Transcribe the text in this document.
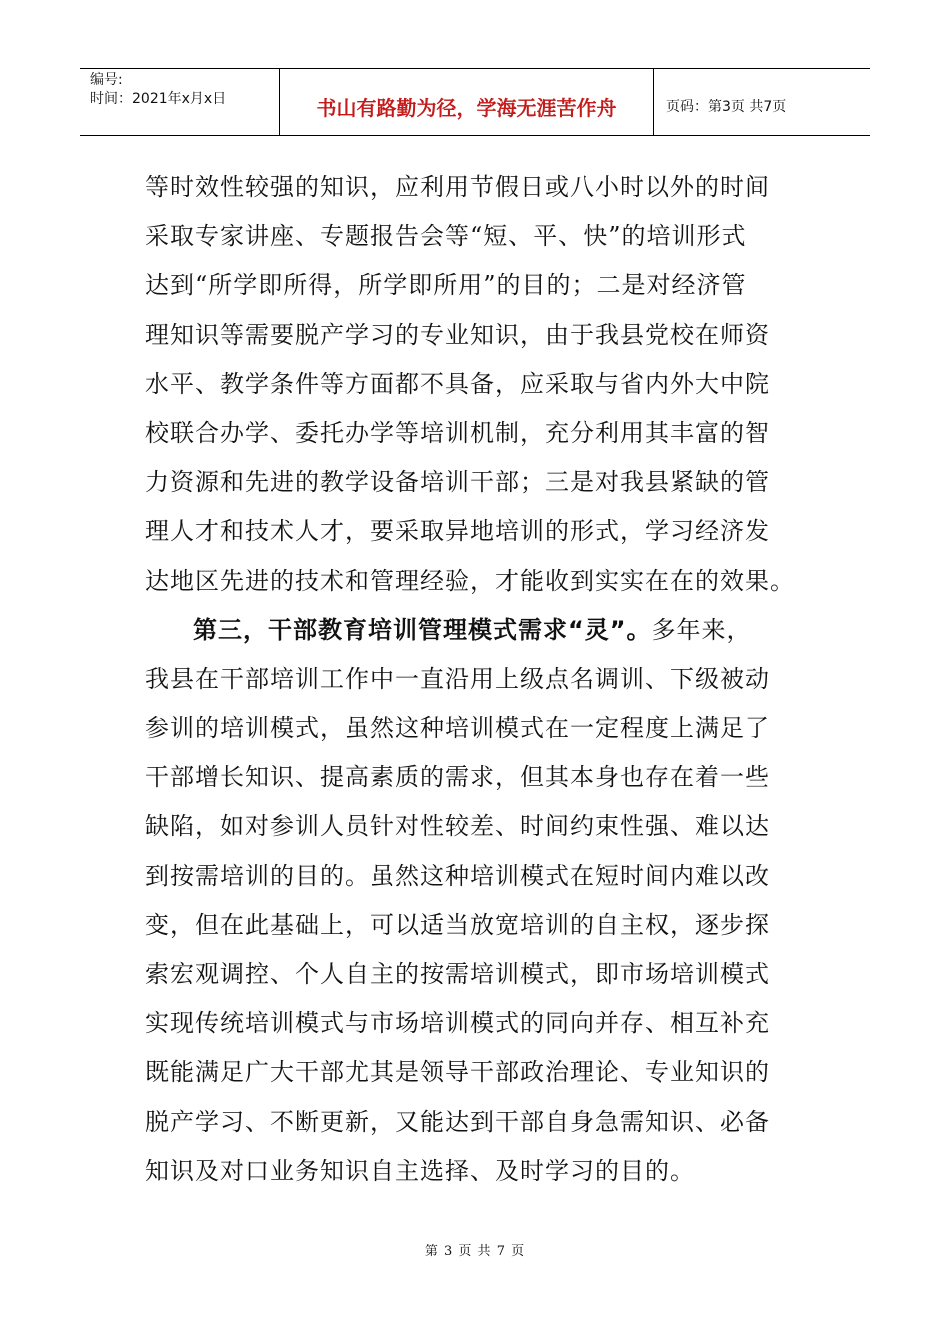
编号:
时间：2021年x月x日	书山有路勤为径，学海无涯苦作舟	页码：第3页 共7页
等时效性较强的知识，应利用节假日或八小时以外的时间
采取专家讲座、专题报告会等“短、平、快”的培训形式
达到“所学即所得，所学即所用”的目的；二是对经济管
理知识等需要脱产学习的专业知识，由于我县党校在师资
水平、教学条件等方面都不具备，应采取与省内外大中院
校联合办学、委托办学等培训机制，充分利用其丰富的智
力资源和先进的教学设备培训干部；三是对我县紧缺的管
理人才和技术人才，要采取异地培训的形式，学习经济发
达地区先进的技术和管理经验，才能收到实实在在的效果。
第三，干部教育培训管理模式需求“灵”。多年来，
我县在干部培训工作中一直沿用上级点名调训、下级被动
参训的培训模式，虽然这种培训模式在一定程度上满足了
干部增长知识、提高素质的需求，但其本身也存在着一些
缺陷，如对参训人员针对性较差、时间约束性强、难以达
到按需培训的目的。虽然这种培训模式在短时间内难以改
变，但在此基础上，可以适当放宽培训的自主权，逐步探
索宏观调控、个人自主的按需培训模式，即市场培训模式
实现传统培训模式与市场培训模式的同向并存、相互补充
既能满足广大干部尤其是领导干部政治理论、专业知识的
脱产学习、不断更新，又能达到干部自身急需知识、必备
知识及对口业务知识自主选择、及时学习的目的。
第 3 页 共 7 页
